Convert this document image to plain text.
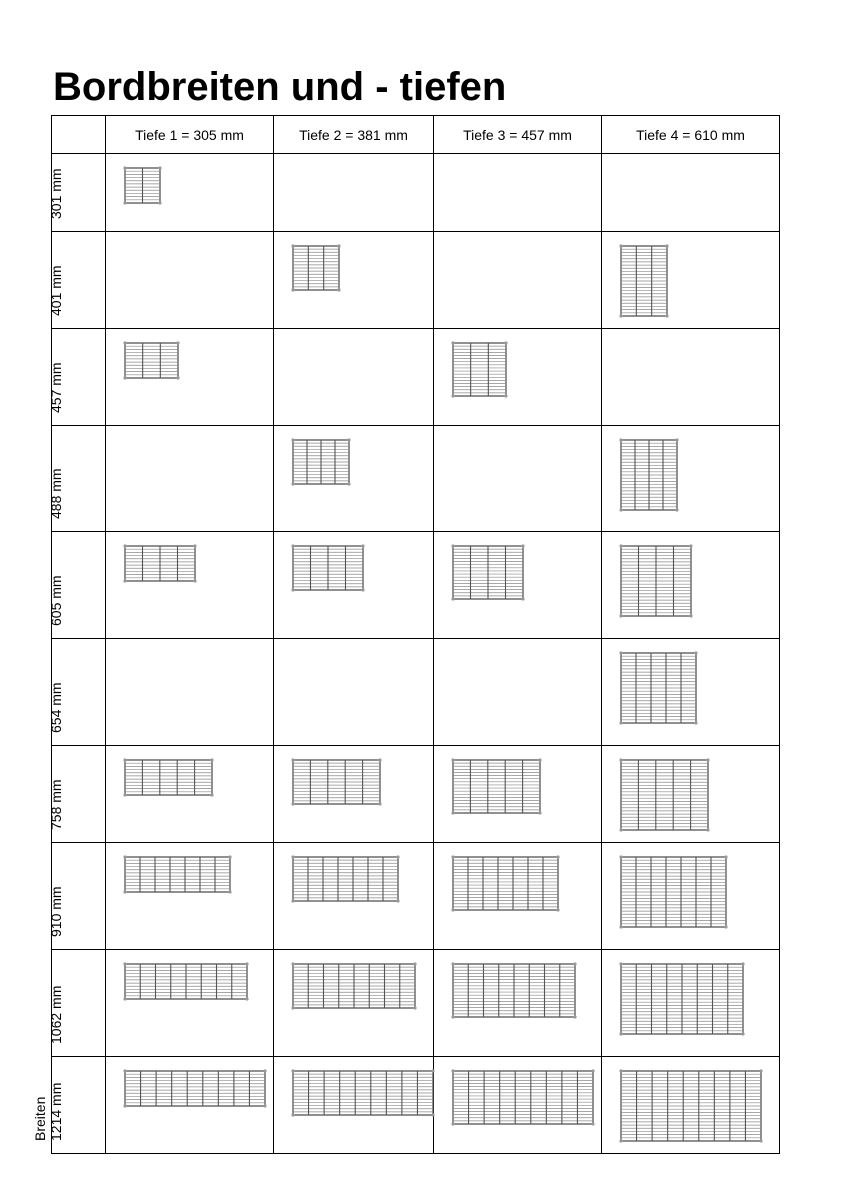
Bordbreiten und - tiefen
	Tiefe 1 = 305 mm	Tiefe 2 = 381 mm	Tiefe 3 = 457 mm	Tiefe 4 = 610 mm

301 mm

401 mm

457 mm

488 mm

605 mm

654 mm

758 mm

910 mm

1062 mm

Breiten 1214 mm
